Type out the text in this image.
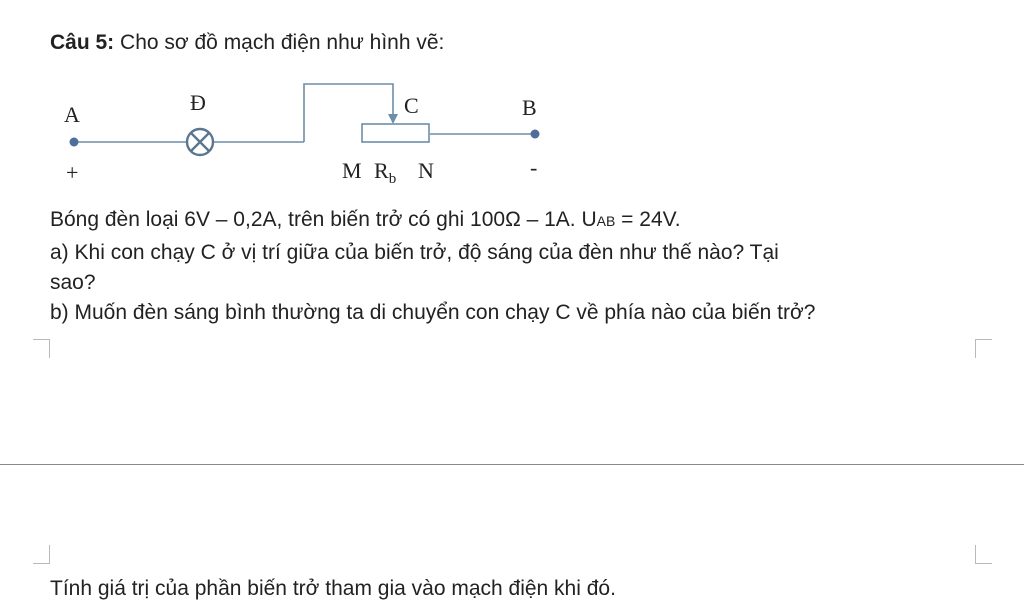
Câu 5: Cho sơ đồ mạch điện như hình vẽ:
A	Đ	C	B
+	-
M $R_b$ N
Bóng đèn loại 6V – 0,2A, trên biến trở có ghi 100Ω – 1A. UAB = 24V.
a) Khi con chạy C ở vị trí giữa của biến trở, độ sáng của đèn như thế nào? Tại
sao?
b) Muốn đèn sáng bình thường ta di chuyển con chạy C về phía nào của biến trở?
Tính giá trị của phần biến trở tham gia vào mạch điện khi đó.
